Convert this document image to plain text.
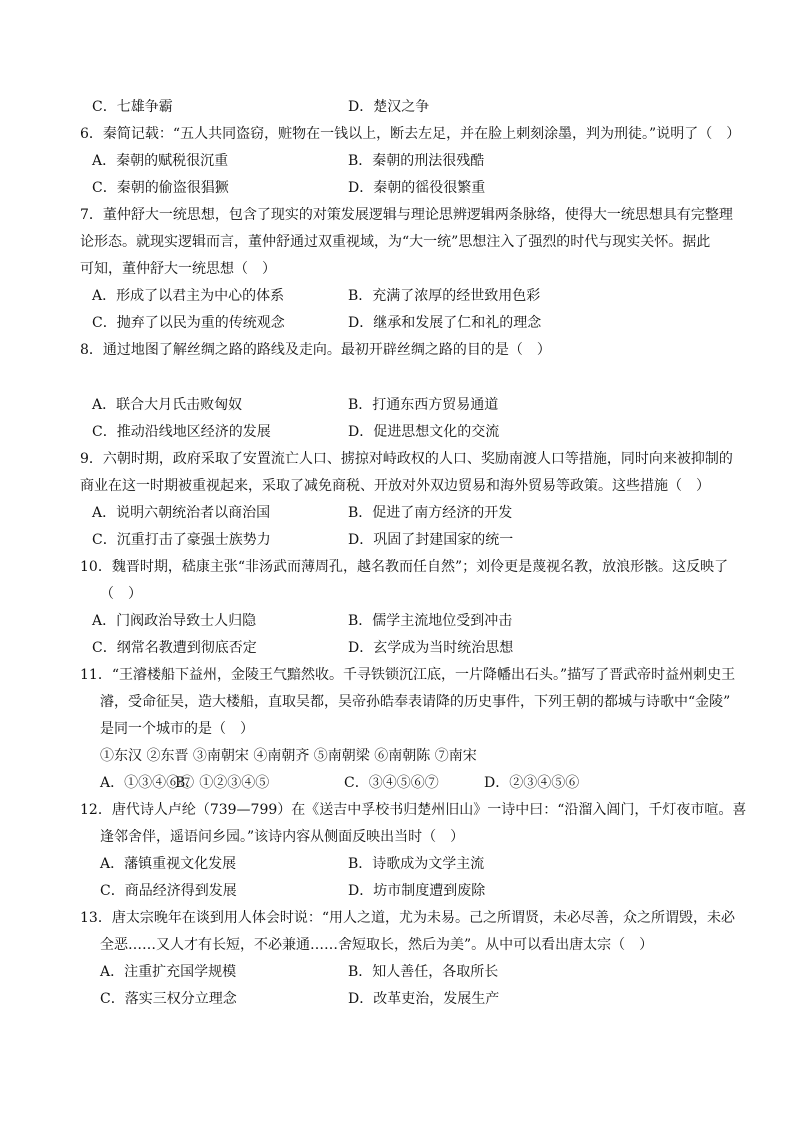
C．七雄争霸	D．楚汉之争
6．秦简记载：“五人共同盗窃，赃物在一钱以上，断去左足，并在脸上刺刻涂墨，判为刑徒。”说明了（　）
A．秦朝的赋税很沉重	B．秦朝的刑法很残酷
C．秦朝的偷盗很猖獗	D．秦朝的徭役很繁重
7．董仲舒大一统思想，包含了现实的对策发展逻辑与理论思辨逻辑两条脉络，使得大一统思想具有完整理
论形态。就现实逻辑而言，董仲舒通过双重视域，为“大一统”思想注入了强烈的时代与现实关怀。据此
可知，董仲舒大一统思想（　）
A．形成了以君主为中心的体系	B．充满了浓厚的经世致用色彩
C．抛弃了以民为重的传统观念	D．继承和发展了仁和礼的理念
8．通过地图了解丝绸之路的路线及走向。最初开辟丝绸之路的目的是（　）
A．联合大月氏击败匈奴	B．打通东西方贸易通道
C．推动沿线地区经济的发展	D．促进思想文化的交流
9．六朝时期，政府采取了安置流亡人口、掳掠对峙政权的人口、奖励南渡人口等措施，同时向来被抑制的
商业在这一时期被重视起来，采取了减免商税、开放对外双边贸易和海外贸易等政策。这些措施（　）
A．说明六朝统治者以商治国	B．促进了南方经济的开发
C．沉重打击了豪强士族势力	D．巩固了封建国家的统一
10．魏晋时期，嵇康主张“非汤武而薄周孔，越名教而任自然”；刘伶更是蔑视名教，放浪形骸。这反映了
（　）
A．门阀政治导致士人归隐	B．儒学主流地位受到冲击
C．纲常名教遭到彻底否定	D．玄学成为当时统治思想
11．“王濬楼船下益州，金陵王气黯然收。千寻铁锁沉江底，一片降幡出石头。”描写了晋武帝时益州刺史王
濬，受命征吴，造大楼船，直取吴都，吴帝孙皓奉表请降的历史事件，下列王朝的都城与诗歌中“金陵”
是同一个城市的是（　）
①东汉 ②东晋 ③南朝宋 ④南朝齐 ⑤南朝梁 ⑥南朝陈 ⑦南宋
A．①③④⑥⑦
B．①②③④⑤	C．③④⑤⑥⑦	D．②③④⑤⑥
12．唐代诗人卢纶（739—799）在《送吉中孚校书归楚州旧山》一诗中曰：“沿溜入阊门，千灯夜市喧。喜
逢邻舍伴，遥语问乡园。”该诗内容从侧面反映出当时（　）
A．藩镇重视文化发展	B．诗歌成为文学主流
C．商品经济得到发展	D．坊市制度遭到废除
13．唐太宗晚年在谈到用人体会时说：“用人之道，尤为未易。己之所谓贤，未必尽善，众之所谓毁，未必
全恶……又人才有长短，不必兼通……舍短取长，然后为美”。从中可以看出唐太宗（　）
A．注重扩充国学规模	B．知人善任，各取所长
C．落实三权分立理念	D．改革吏治，发展生产
